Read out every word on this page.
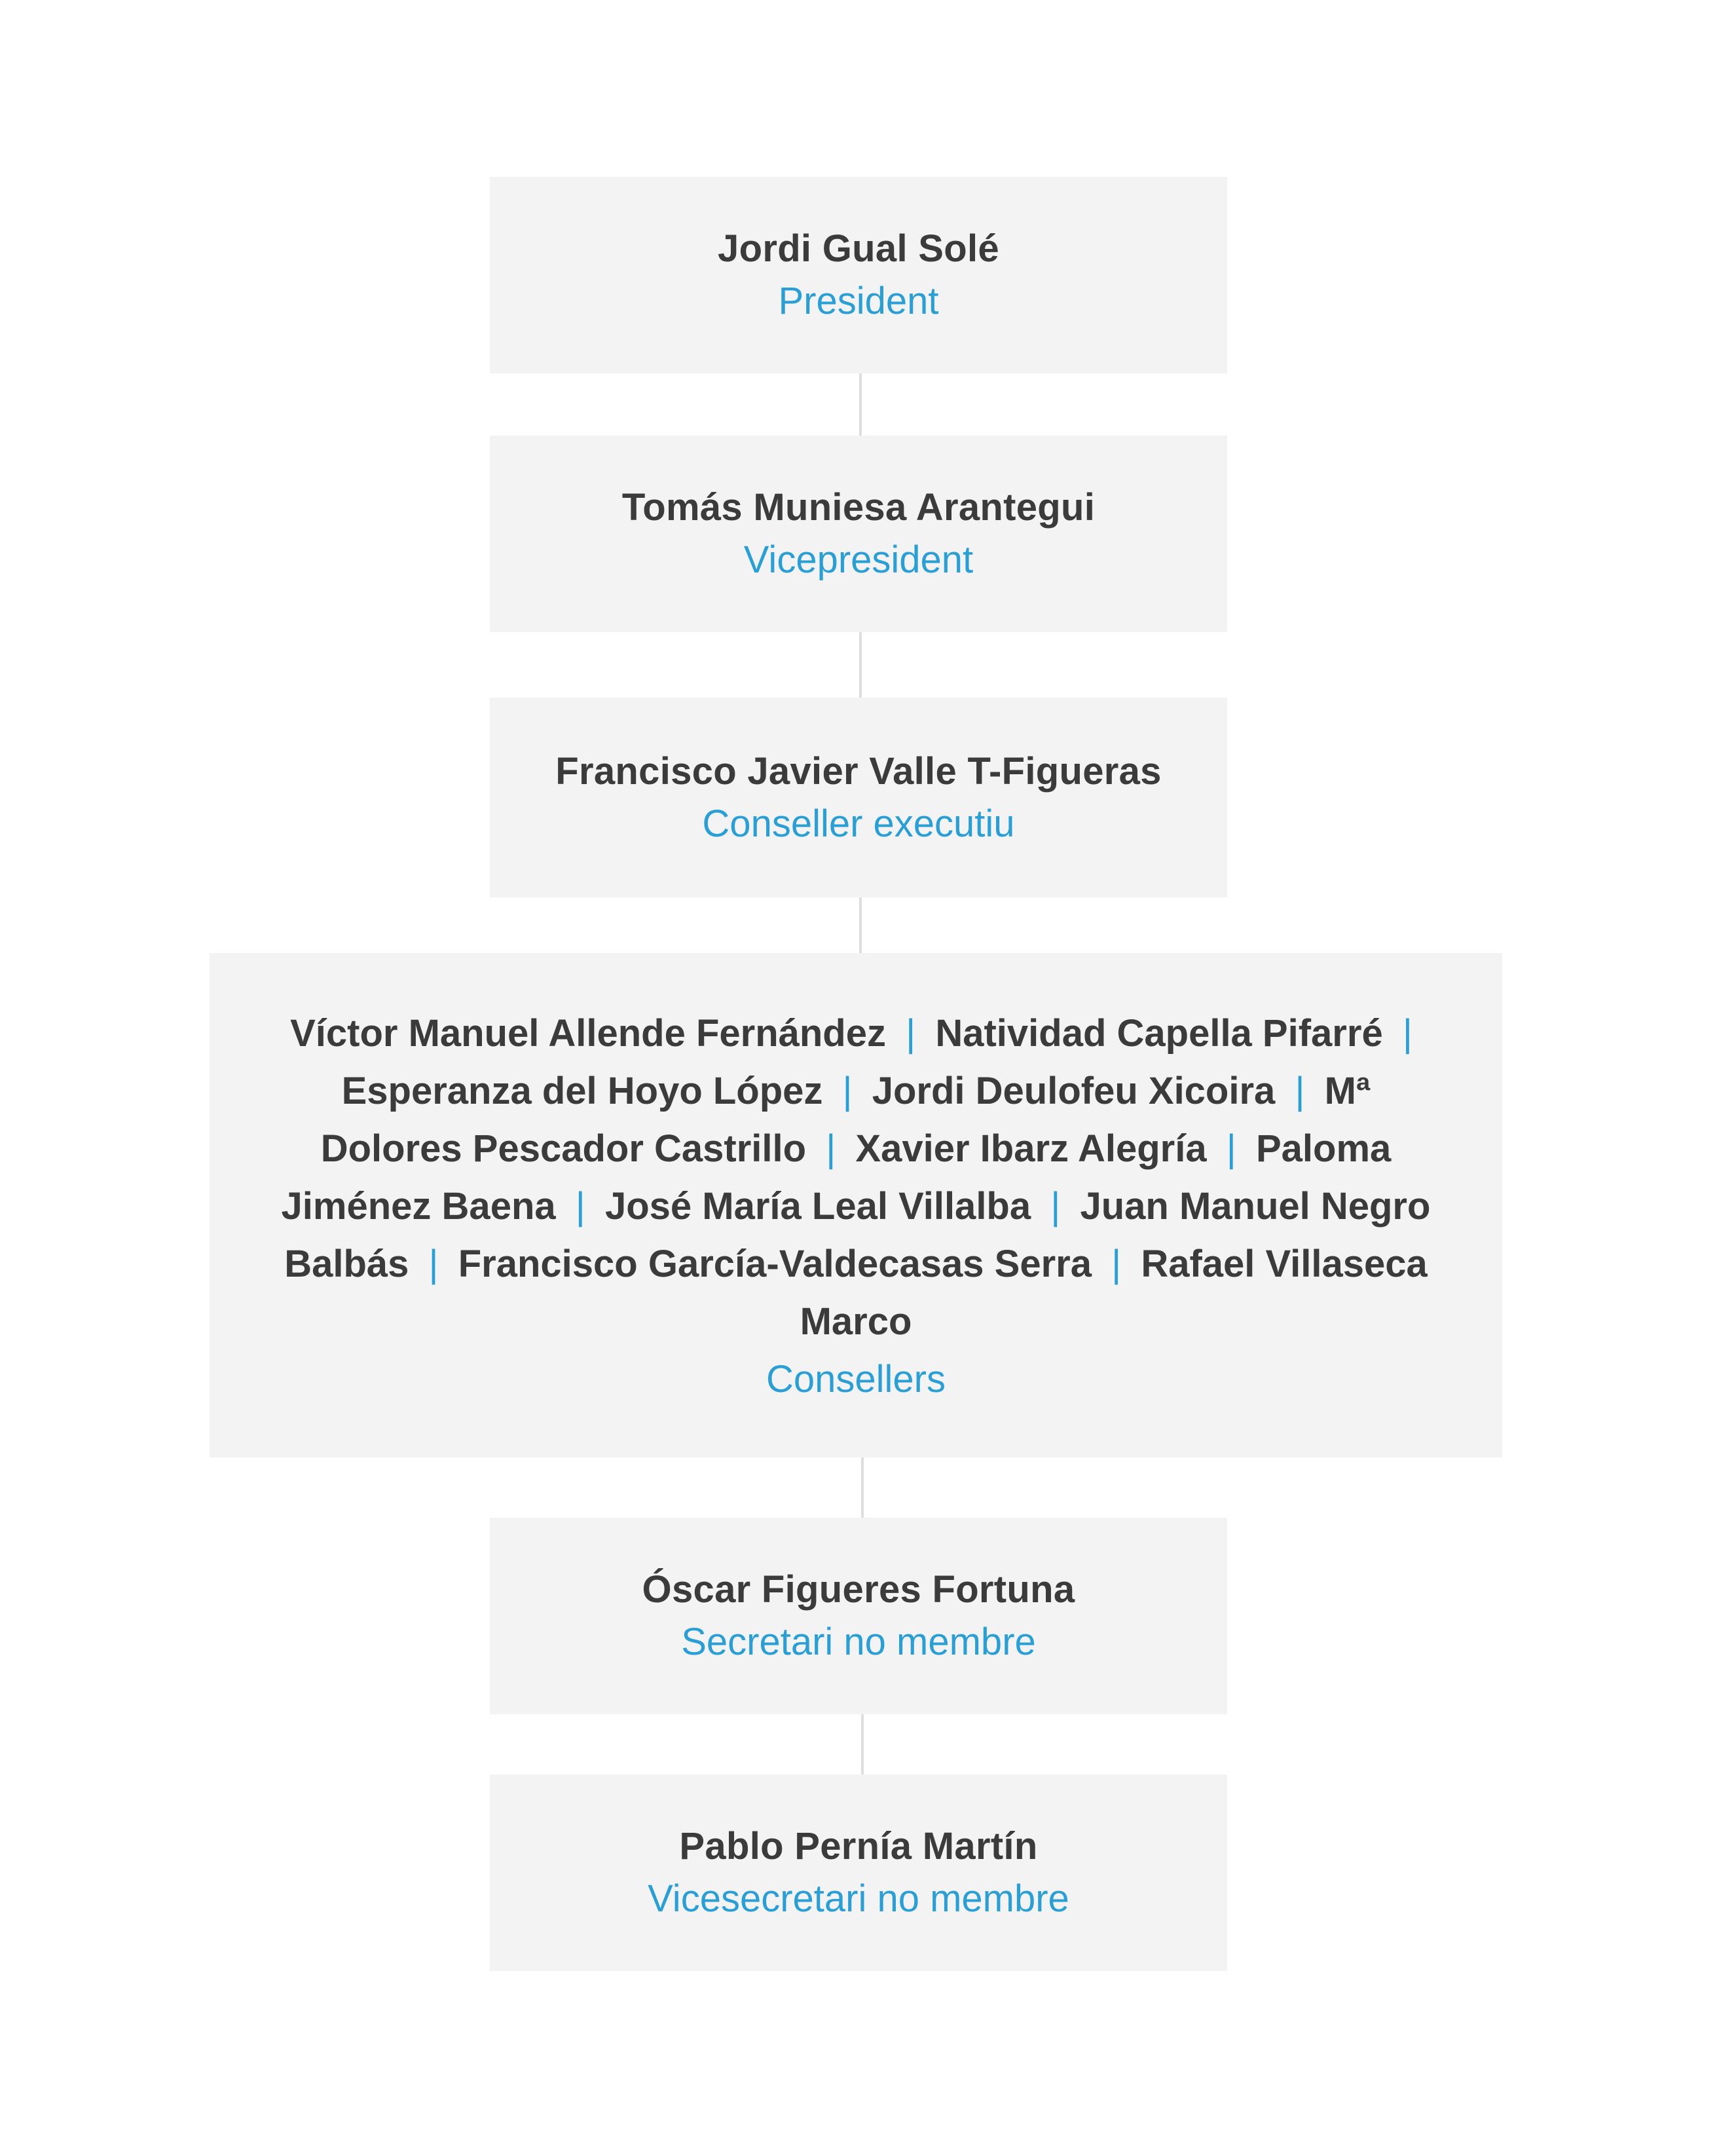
Jordi Gual Solé
President
Tomás Muniesa Arantegui
Vicepresident
Francisco Javier Valle T-Figueras
Conseller executiu
Víctor Manuel Allende Fernández | Natividad Capella Pifarré | Esperanza del Hoyo López | Jordi Deulofeu Xicoira | Mª Dolores Pescador Castrillo | Xavier Ibarz Alegría | Paloma Jiménez Baena | José María Leal Villalba | Juan Manuel Negro Balbás | Francisco García-Valdecasas Serra | Rafael Villaseca Marco
Consellers
Óscar Figueres Fortuna
Secretari no membre
Pablo Pernía Martín
Vicesecretari no membre
